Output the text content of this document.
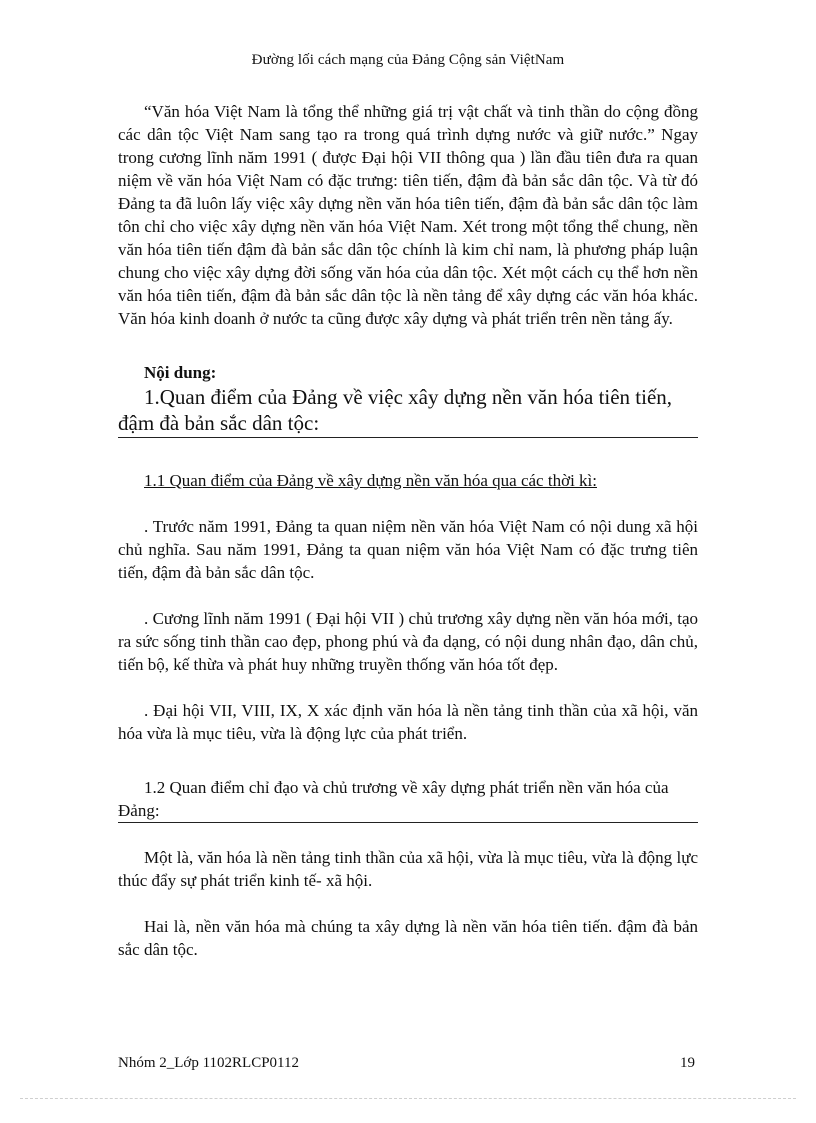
Đường lối cách mạng của Đảng Cộng sản ViệtNam

“Văn hóa Việt Nam là tổng thể những giá trị vật chất và tinh thần do cộng đồng các dân tộc Việt Nam sang tạo ra trong quá trình dựng nước và giữ nước.” Ngay trong cương lĩnh năm 1991 ( được Đại hội VII thông qua ) lần đầu tiên đưa ra quan niệm về văn hóa Việt Nam có đặc trưng: tiên tiến, đậm đà bản sắc dân tộc. Và từ đó Đảng ta đã luôn lấy việc xây dựng nền văn hóa tiên tiến, đậm đà bản sắc dân tộc làm tôn chỉ cho việc xây dựng nền văn hóa Việt Nam. Xét trong một tổng thể chung, nền văn hóa tiên tiến đậm đà bản sắc dân tộc chính là kim chỉ nam, là phương pháp luận chung cho việc xây dựng đời sống văn hóa của dân tộc. Xét một cách cụ thể hơn nền văn hóa tiên tiến, đậm đà bản sắc dân tộc là nền tảng để xây dựng các văn hóa khác. Văn hóa kinh doanh ở nước ta cũng được xây dựng và phát triển trên nền tảng ấy.

Nội dung:
1.Quan điểm của Đảng về việc xây dựng nền văn hóa tiên tiến, đậm đà bản sắc dân tộc:
1.1 Quan điểm của Đảng về xây dựng nền văn hóa qua các thời kì:

. Trước năm 1991, Đảng ta quan niệm nền văn hóa Việt Nam có nội dung xã hội chủ nghĩa. Sau năm 1991, Đảng ta quan niệm văn hóa Việt Nam có đặc trưng tiên tiến, đậm đà bản sắc dân tộc.

. Cương lĩnh năm 1991 ( Đại hội VII ) chủ trương xây dựng nền văn hóa mới, tạo ra sức sống tinh thần cao đẹp, phong phú và đa dạng, có nội dung nhân đạo, dân chủ, tiến bộ, kế thừa và phát huy những truyền thống văn hóa tốt đẹp.

. Đại hội VII, VIII, IX, X xác định văn hóa là nền tảng tinh thần của xã hội, văn hóa vừa là mục tiêu, vừa là động lực của phát triển.

1.2 Quan điểm chỉ đạo và chủ trương về xây dựng phát triển nền văn hóa của Đảng:

Một là, văn hóa là nền tảng tinh thần của xã hội, vừa là mục tiêu, vừa là động lực thúc đẩy sự phát triển kinh tế- xã hội.

Hai là, nền văn hóa mà chúng ta xây dựng là nền văn hóa tiên tiến. đậm đà bản sắc dân tộc.

Nhóm 2_Lớp 1102RLCP0112	19
